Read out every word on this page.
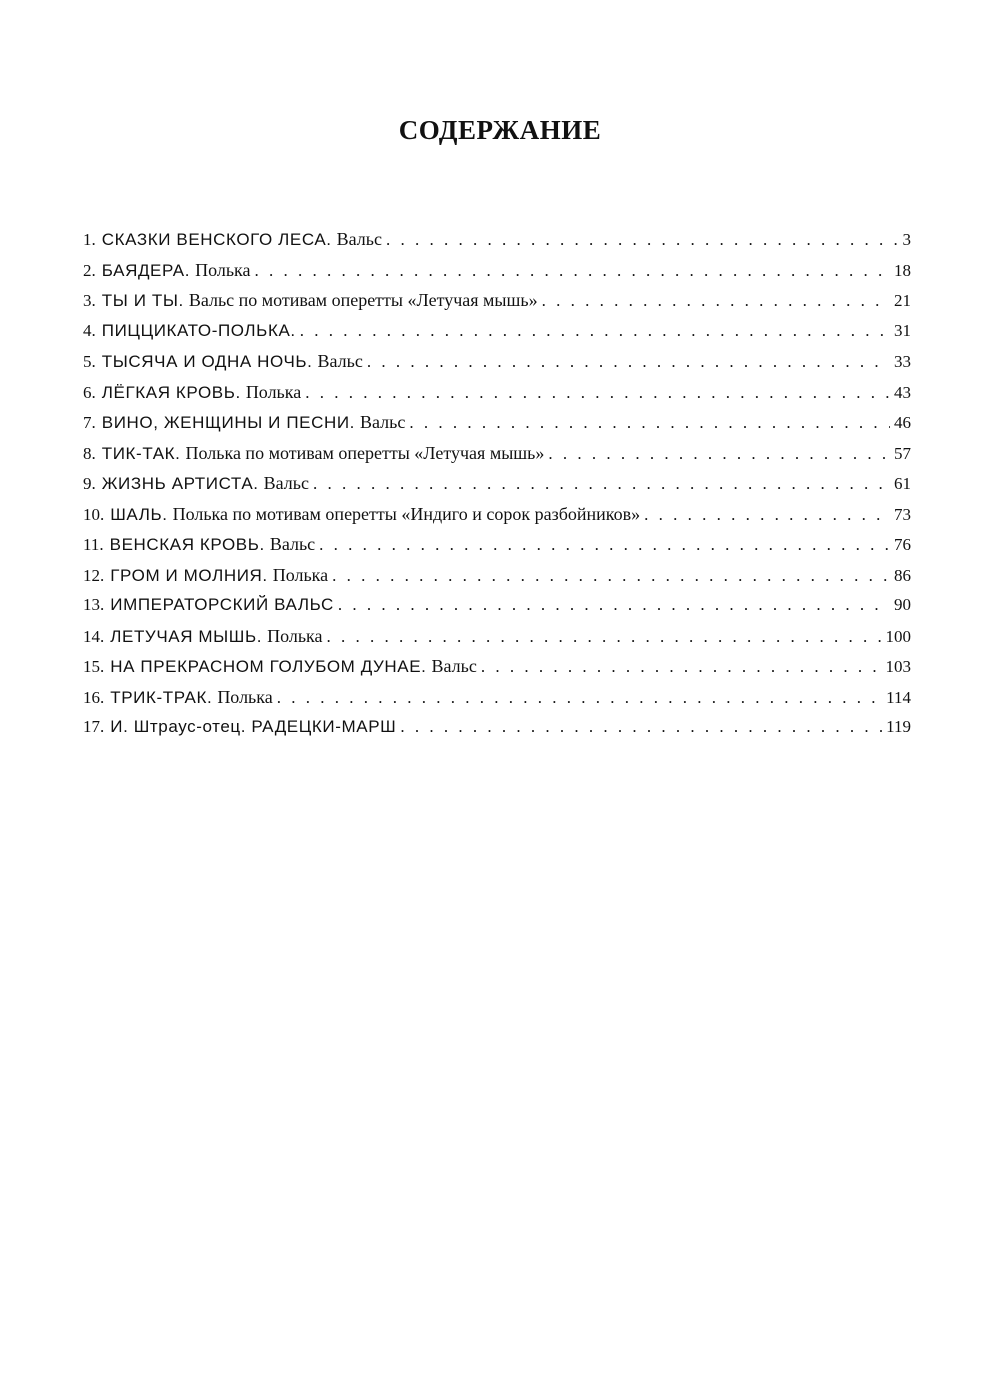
СОДЕРЖАНИЕ
1. СКАЗКИ ВЕНСКОГО ЛЕСА. Вальс . . .	3
2. БАЯДЕРА. Полька . . .	18
3. ТЫ И ТЫ. Вальс по мотивам оперетты «Летучая мышь» . . .	21
4. ПИЦЦИКАТО-ПОЛЬКА. . . .	31
5. ТЫСЯЧА И ОДНА НОЧЬ. Вальс . . .	33
6. ЛЁГКАЯ КРОВЬ. Полька . . .	43
7. ВИНО, ЖЕНЩИНЫ И ПЕСНИ. Вальс . . .	46
8. ТИК-ТАК. Полька по мотивам оперетты «Летучая мышь» . . .	57
9. ЖИЗНЬ АРТИСТА. Вальс . . .	61
10. ШАЛЬ. Полька по мотивам оперетты «Индиго и сорок разбойников» . . .	73
11. ВЕНСКАЯ КРОВЬ. Вальс . . .	76
12. ГРОМ И МОЛНИЯ. Полька . . .	86
13. ИМПЕРАТОРСКИЙ ВАЛЬС . . .	90
14. ЛЕТУЧАЯ МЫШЬ. Полька . . .	100
15. НА ПРЕКРАСНОМ ГОЛУБОМ ДУНАЕ. Вальс . . .	103
16. ТРИК-ТРАК. Полька . . .	114
17. И. Штраус-отец. РАДЕЦКИ-МАРШ . . .	119
